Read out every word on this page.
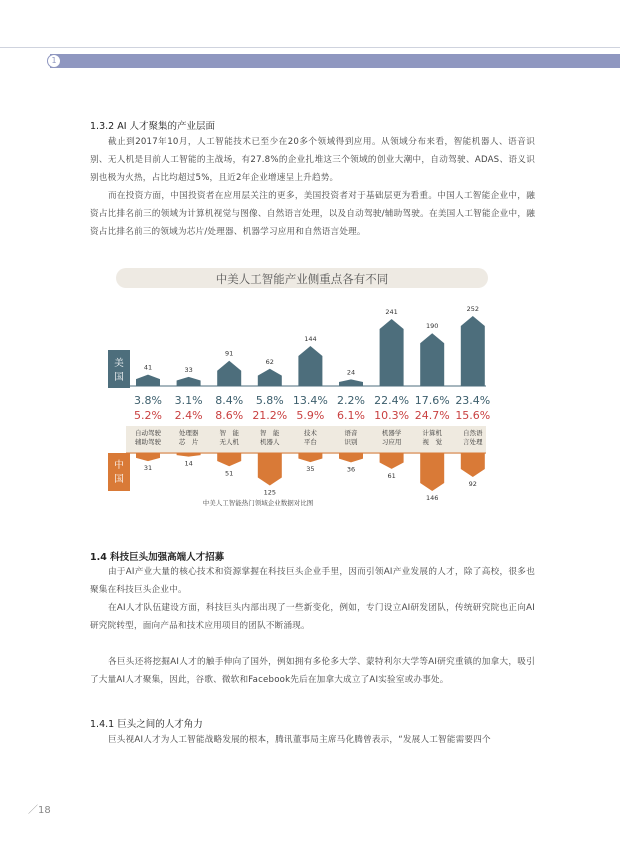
1
1.3.2 AI 人才聚集的产业层面
截止到2017年10月，人工智能技术已至少在20多个领域得到应用。从领域分布来看，智能机器人、语音识别、无人机是目前人工智能的主战场，有27.8%的企业扎堆这三个领域的创业大潮中，自动驾驶、ADAS、语义识别也极为火热，占比均超过5%，且近2年企业增速呈上升趋势。
而在投资方面，中国投资者在应用层关注的更多，美国投资者对于基础层更为看重。中国人工智能企业中，融资占比排名前三的领域为计算机视觉与图像、自然语言处理，以及自动驾驶/辅助驾驶。在美国人工智能企业中，融资占比排名前三的领域为芯片/处理器、机器学习应用和自然语言处理。
中美人工智能产业侧重点各有不同
美
国
中
国
41
3.8%
自动驾驶
辅助驾驶
5.2%
31
33
3.1%
处理器
芯　片
2.4%
14
91
8.4%
智　能
无人机
8.6%
51
62
5.8%
智　能
机器人
21.2%
125
144
13.4%
技术
平台
5.9%
35
24
2.2%
语音
识别
6.1%
36
241
22.4%
机器学
习应用
10.3%
61
190
17.6%
计算机
视　觉
24.7%
146
252
23.4%
自然语
言处理
15.6%
92
中美人工智能热门领域企业数据对比图
1.4 科技巨头加强高端人才招募
由于AI产业大量的核心技术和资源掌握在科技巨头企业手里，因而引领AI产业发展的人才，除了高校，很多也聚集在科技巨头企业中。
在AI人才队伍建设方面，科技巨头内部出现了一些新变化，例如，专门设立AI研发团队，传统研究院也正向AI研究院转型，面向产品和技术应用项目的团队不断涌现。
各巨头还将挖掘AI人才的触手伸向了国外，例如拥有多伦多大学、蒙特利尔大学等AI研究重镇的加拿大，吸引了大量AI人才聚集，因此，谷歌、微软和Facebook先后在加拿大成立了AI实验室或办事处。
1.4.1 巨头之间的人才角力
巨头视AI人才为人工智能战略发展的根本，腾讯董事局主席马化腾曾表示，“发展人工智能需要四个
／18
